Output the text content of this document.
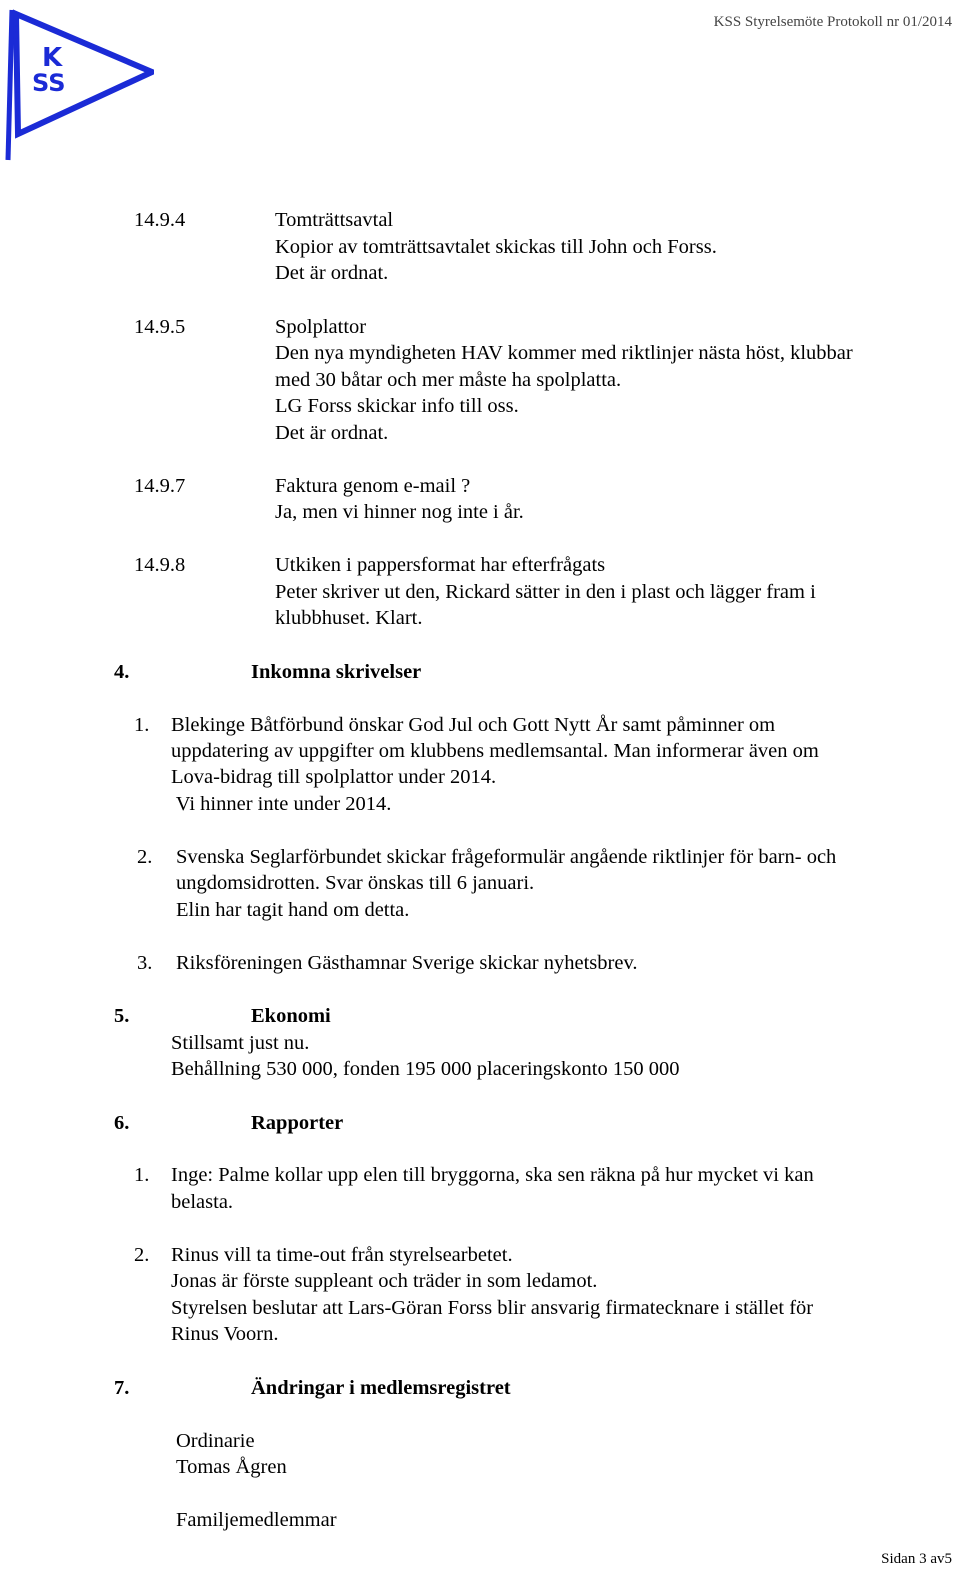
K
SS
KSS Styrelsemöte Protokoll nr 01/2014
14.9.4	Tomträttsavtal
Kopior av tomträttsavtalet skickas till John och Forss.
Det är ordnat.
14.9.5	Spolplattor
Den nya myndigheten HAV kommer med riktlinjer nästa höst, klubbar
med 30 båtar och mer måste ha spolplatta.
LG Forss skickar info till oss.
Det är ordnat.
14.9.7	Faktura genom e-mail ?
Ja, men vi hinner nog inte i år.
14.9.8	Utkiken i pappersformat har efterfrågats
Peter skriver ut den, Rickard sätter in den i plast och lägger fram i
klubbhuset. Klart.
4.	Inkomna skrivelser
1. Blekinge Båtförbund önskar God Jul och Gott Nytt År samt påminner om
uppdatering av uppgifter om klubbens medlemsantal. Man informerar även om
Lova-bidrag till spolplattor under 2014.
Vi hinner inte under 2014.
2. Svenska Seglarförbundet skickar frågeformulär angående riktlinjer för barn- och
ungdomsidrotten. Svar önskas till 6 januari.
Elin har tagit hand om detta.
3. Riksföreningen Gästhamnar Sverige skickar nyhetsbrev.
5.	Ekonomi
Stillsamt just nu.
Behållning 530 000, fonden 195 000 placeringskonto 150 000
6.	Rapporter
1. Inge: Palme kollar upp elen till bryggorna, ska sen räkna på hur mycket vi kan
belasta.
2. Rinus vill ta time-out från styrelsearbetet.
Jonas är förste suppleant och träder in som ledamot.
Styrelsen beslutar att Lars-Göran Forss blir ansvarig firmatecknare i stället för
Rinus Voorn.
7.	Ändringar i medlemsregistret
Ordinarie
Tomas Ågren
Familjemedlemmar
Sidan 3 av5
